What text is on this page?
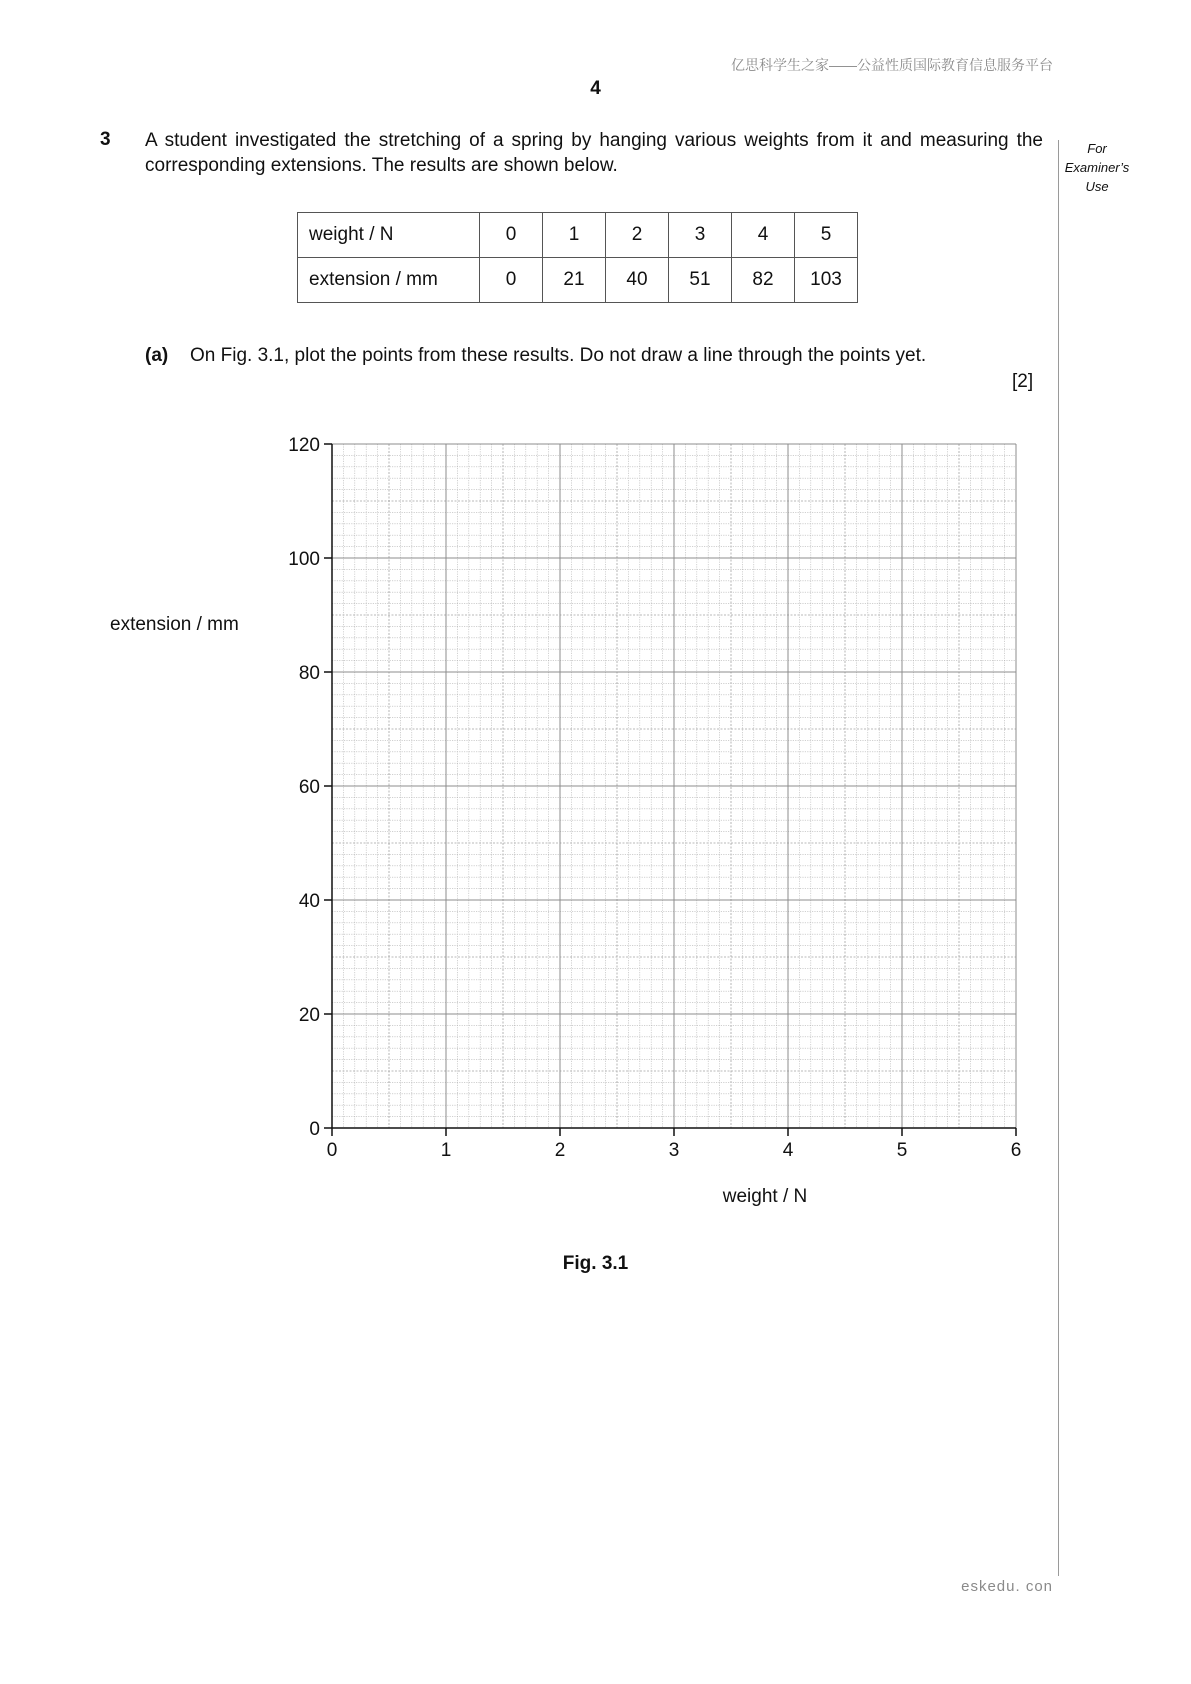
亿思科学生之家——公益性质国际教育信息服务平台
4
3 A student investigated the stretching of a spring by hanging various weights from it and measuring the corresponding extensions. The results are shown below.
For
Examiner’s
Use
weight / N	0	1	2	3	4	5
extension / mm	0	21	40	51	82	103
(a) On Fig. 3.1, plot the points from these results. Do not draw a line through the points yet.
[2]
0	1	2	3	4	5	6
0
20
40
60
80
100
120
extension / mm
weight / N
Fig. 3.1
eskedu. con
